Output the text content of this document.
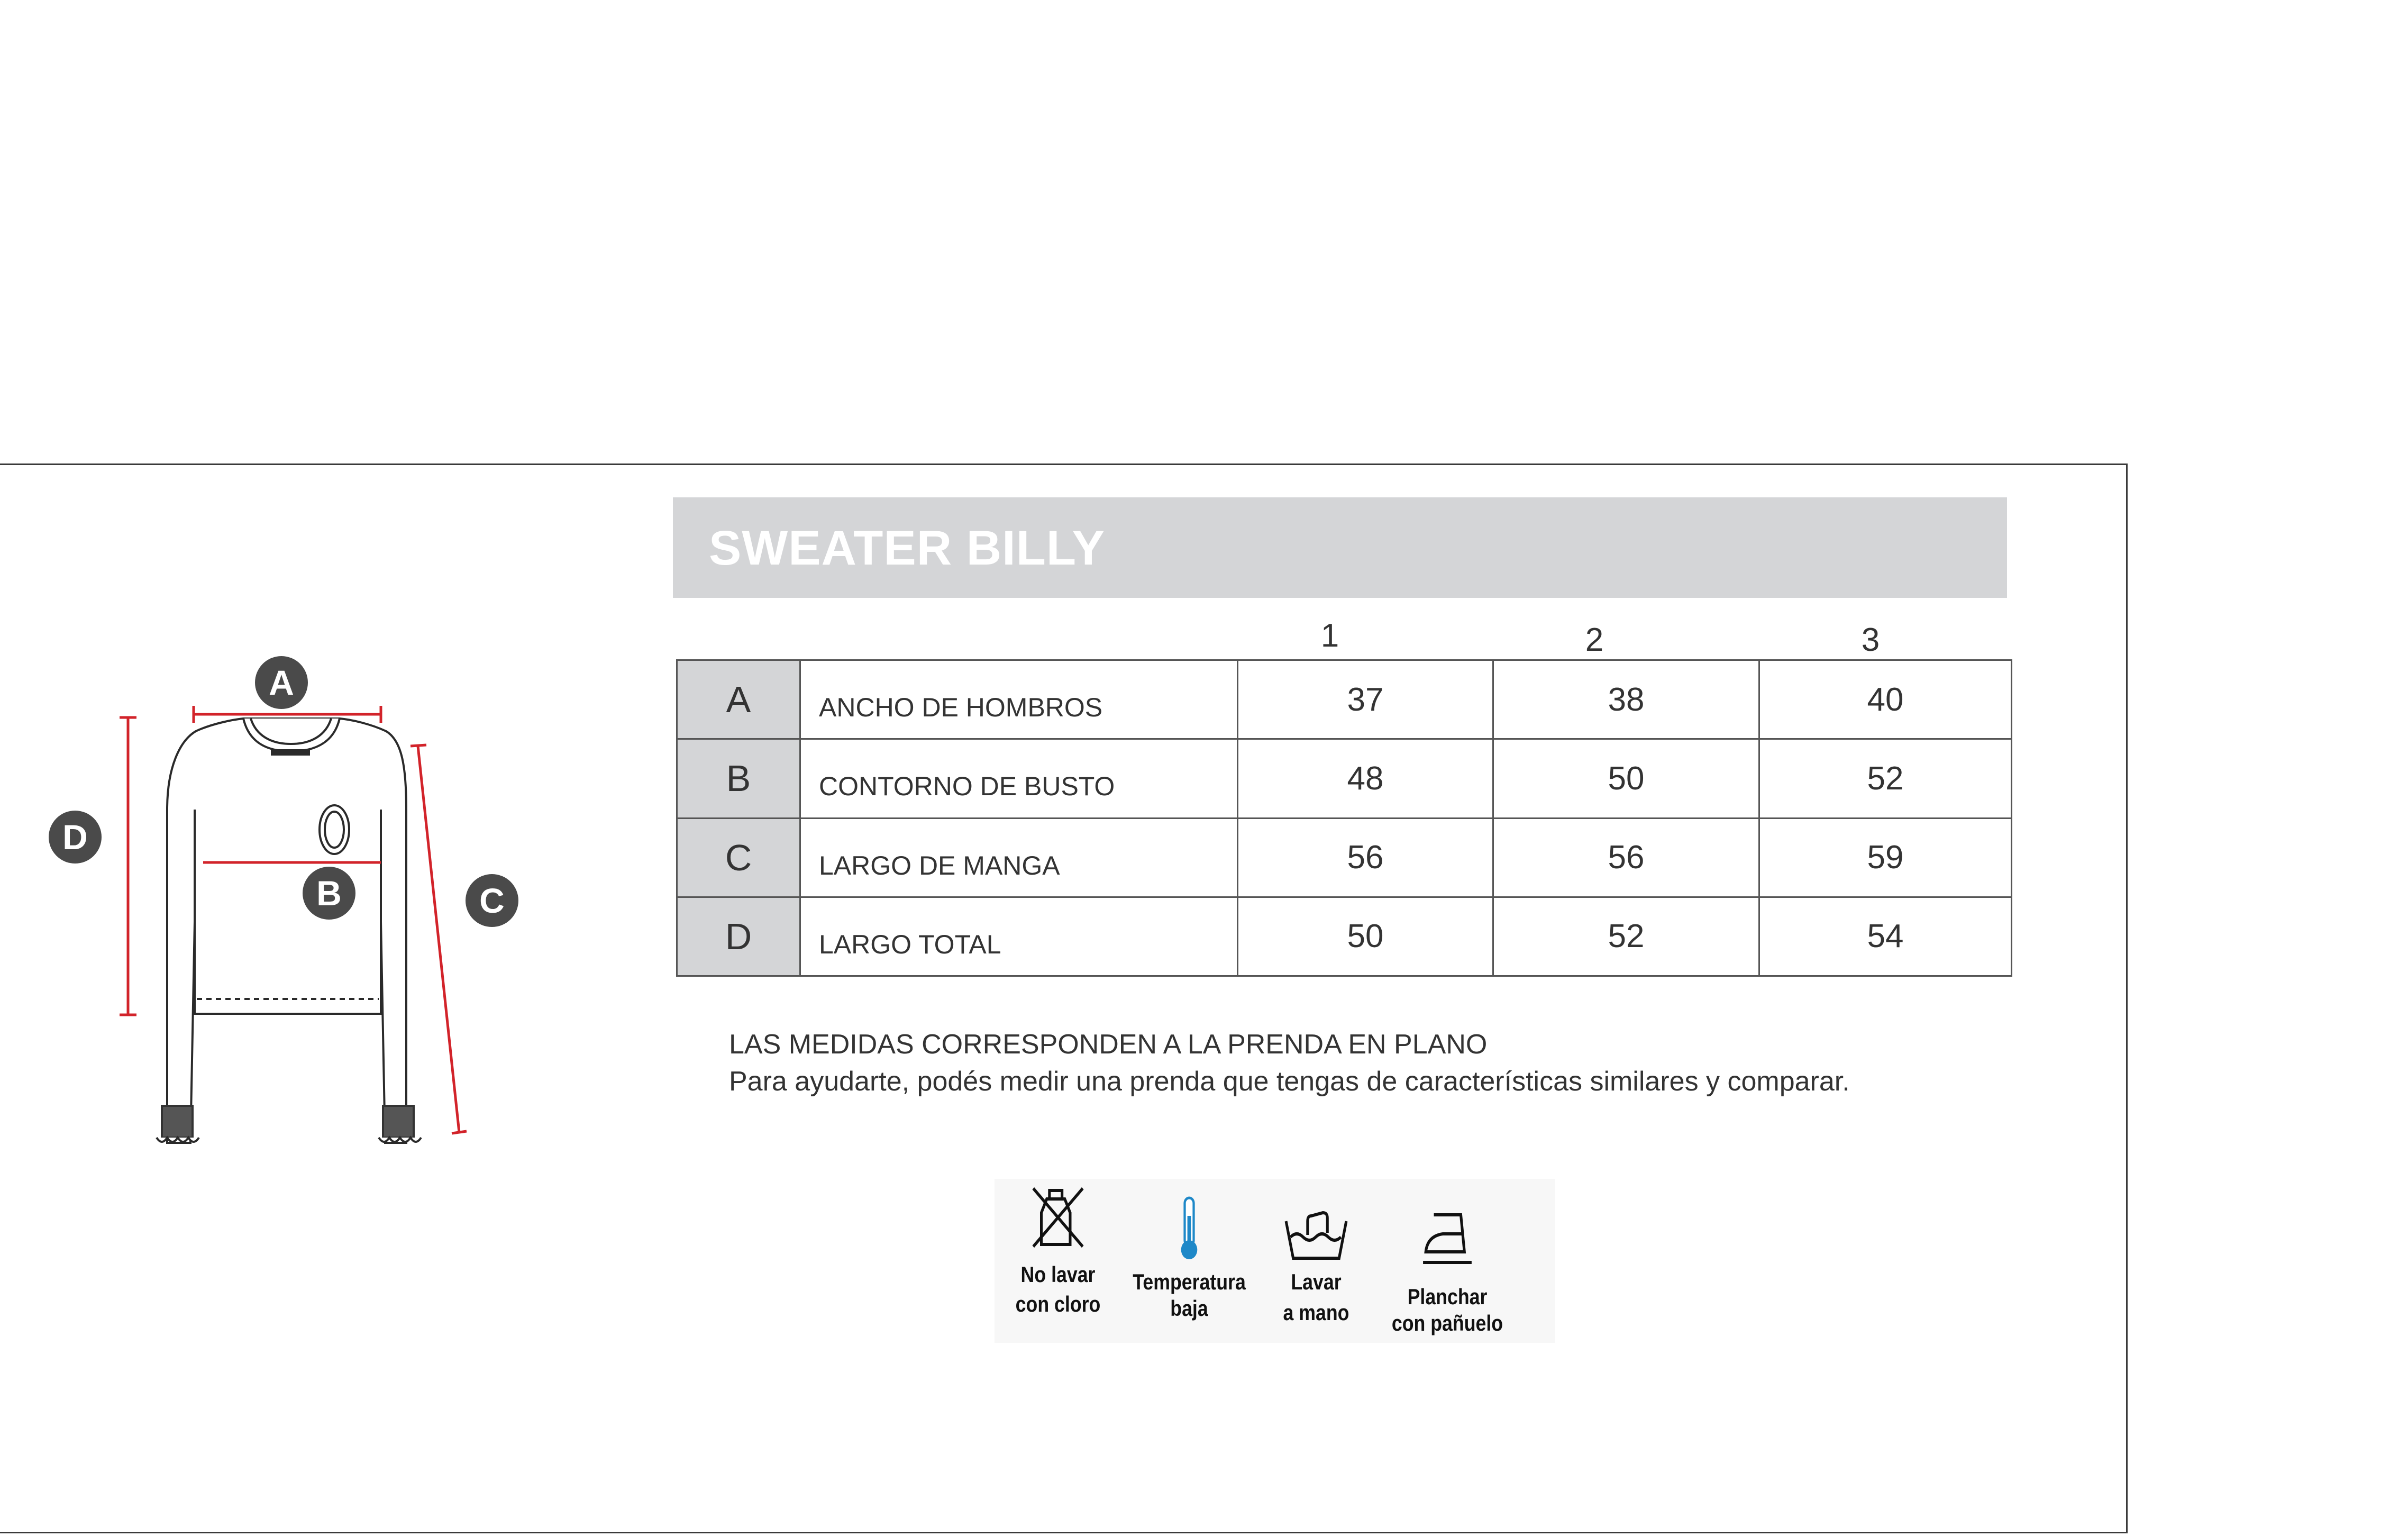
A
D
B	C
SWEATER BILLY
1	2	3
A	ANCHO DE HOMBROS	37	38	40
B	CONTORNO DE BUSTO	48	50	52
C	LARGO DE MANGA	56	56	59
D	LARGO TOTAL	50	52	54
LAS MEDIDAS CORRESPONDEN A LA PRENDA EN PLANO
Para ayudarte, podés medir una prenda que tengas de características similares y comparar.
No lavar
con cloro
Temperatura
baja
Lavar
a mano
Planchar
con pañuelo
